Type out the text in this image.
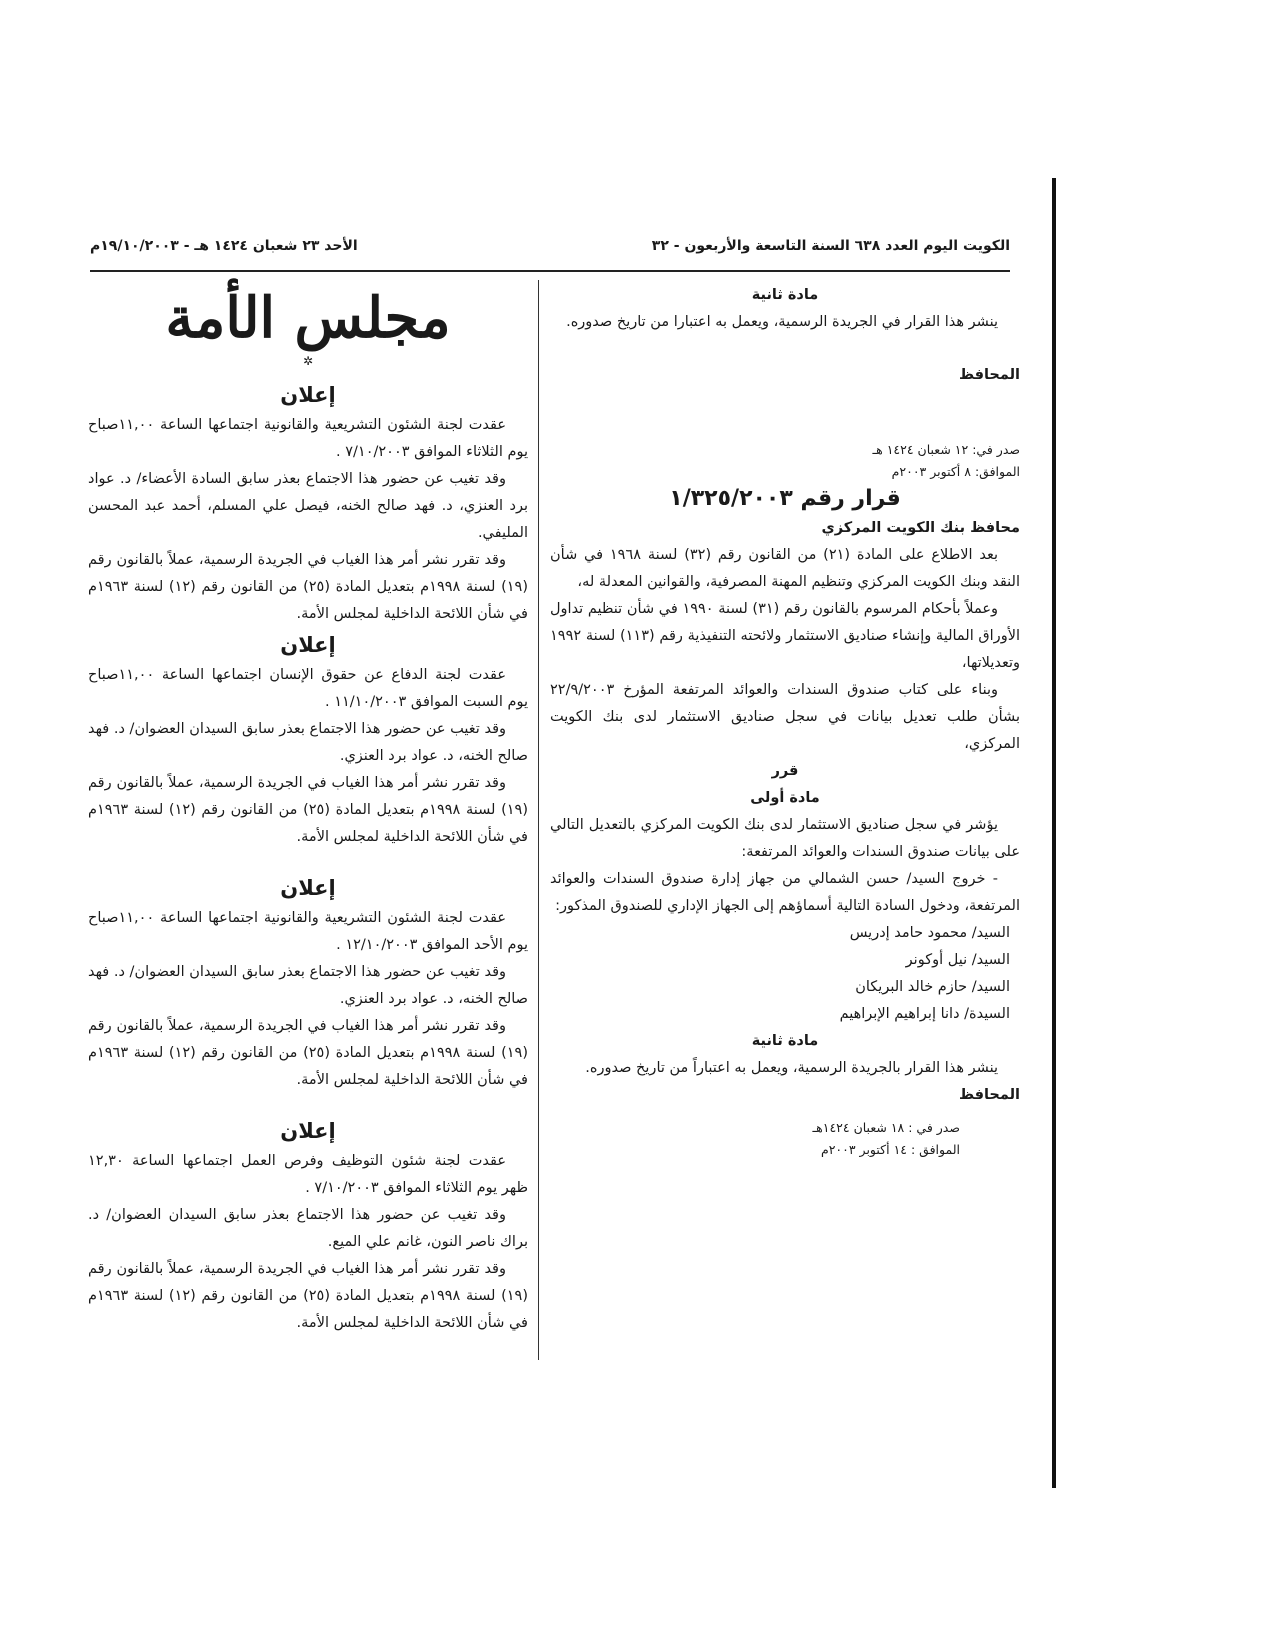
الكويت اليوم العدد ٦٣٨ السنة التاسعة والأربعون - ٣٢
الأحد ٢٣ شعبان ١٤٢٤ هـ - ١٩/١٠/٢٠٠٣م

مادة ثانية

ينشر هذا القرار في الجريدة الرسمية، ويعمل به اعتبارا من تاريخ صدوره.

المحافظ

صدر في: ١٢ شعبان ١٤٢٤ هـ

الموافق: ٨ أكتوبر ٢٠٠٣م

قرار رقم ١/٣٢٥/٢٠٠٣

محافظ بنك الكويت المركزي

بعد الاطلاع على المادة (٢١) من القانون رقم (٣٢) لسنة ١٩٦٨ في شأن النقد وبنك الكويت المركزي وتنظيم المهنة المصرفية، والقوانين المعدلة له،

وعملاً بأحكام المرسوم بالقانون رقم (٣١) لسنة ١٩٩٠ في شأن تنظيم تداول الأوراق المالية وإنشاء صناديق الاستثمار ولائحته التنفيذية رقم (١١٣) لسنة ١٩٩٢ وتعديلاتها،

وبناء على كتاب صندوق السندات والعوائد المرتفعة المؤرخ ٢٢/٩/٢٠٠٣ بشأن طلب تعديل بيانات في سجل صناديق الاستثمار لدى بنك الكويت المركزي،

قرر

مادة أولى

يؤشر في سجل صناديق الاستثمار لدى بنك الكويت المركزي بالتعديل التالي على بيانات صندوق السندات والعوائد المرتفعة:

- خروج السيد/ حسن الشمالي من جهاز إدارة صندوق السندات والعوائد المرتفعة، ودخول السادة التالية أسماؤهم إلى الجهاز الإداري للصندوق المذكور:

السيد/ محمود حامد إدريس

السيد/ نيل أوكونر

السيد/ حازم خالد البريكان

السيدة/ دانا إبراهيم الإبراهيم

مادة ثانية

ينشر هذا القرار بالجريدة الرسمية، ويعمل به اعتباراً من تاريخ صدوره.

المحافظ

صدر في : ١٨ شعبان ١٤٢٤هـ

الموافق : ١٤ أكتوبر ٢٠٠٣م

مجلس الأمة
✲

إعلان

عقدت لجنة الشئون التشريعية والقانونية اجتماعها الساعة ١١,٠٠صباح يوم الثلاثاء الموافق ٧/١٠/٢٠٠٣ .

وقد تغيب عن حضور هذا الاجتماع بعذر سابق السادة الأعضاء/ د. عواد برد العنزي، د. فهد صالح الخنه، فيصل علي المسلم، أحمد عبد المحسن المليفي.

وقد تقرر نشر أمر هذا الغياب في الجريدة الرسمية، عملاً بالقانون رقم (١٩) لسنة ١٩٩٨م بتعديل المادة (٢٥) من القانون رقم (١٢) لسنة ١٩٦٣م في شأن اللائحة الداخلية لمجلس الأمة.

إعلان

عقدت لجنة الدفاع عن حقوق الإنسان اجتماعها الساعة ١١,٠٠صباح يوم السبت الموافق ١١/١٠/٢٠٠٣ .

وقد تغيب عن حضور هذا الاجتماع بعذر سابق السيدان العضوان/ د. فهد صالح الخنه، د. عواد برد العنزي.

وقد تقرر نشر أمر هذا الغياب في الجريدة الرسمية، عملاً بالقانون رقم (١٩) لسنة ١٩٩٨م بتعديل المادة (٢٥) من القانون رقم (١٢) لسنة ١٩٦٣م في شأن اللائحة الداخلية لمجلس الأمة.

إعلان

عقدت لجنة الشئون التشريعية والقانونية اجتماعها الساعة ١١,٠٠صباح يوم الأحد الموافق ١٢/١٠/٢٠٠٣ .

وقد تغيب عن حضور هذا الاجتماع بعذر سابق السيدان العضوان/ د. فهد صالح الخنه، د. عواد برد العنزي.

وقد تقرر نشر أمر هذا الغياب في الجريدة الرسمية، عملاً بالقانون رقم (١٩) لسنة ١٩٩٨م بتعديل المادة (٢٥) من القانون رقم (١٢) لسنة ١٩٦٣م في شأن اللائحة الداخلية لمجلس الأمة.

إعلان

عقدت لجنة شئون التوظيف وفرص العمل اجتماعها الساعة ١٢,٣٠ ظهر يوم الثلاثاء الموافق ٧/١٠/٢٠٠٣ .

وقد تغيب عن حضور هذا الاجتماع بعذر سابق السيدان العضوان/ د. براك ناصر النون، غانم علي الميع.

وقد تقرر نشر أمر هذا الغياب في الجريدة الرسمية، عملاً بالقانون رقم (١٩) لسنة ١٩٩٨م بتعديل المادة (٢٥) من القانون رقم (١٢) لسنة ١٩٦٣م في شأن اللائحة الداخلية لمجلس الأمة.
